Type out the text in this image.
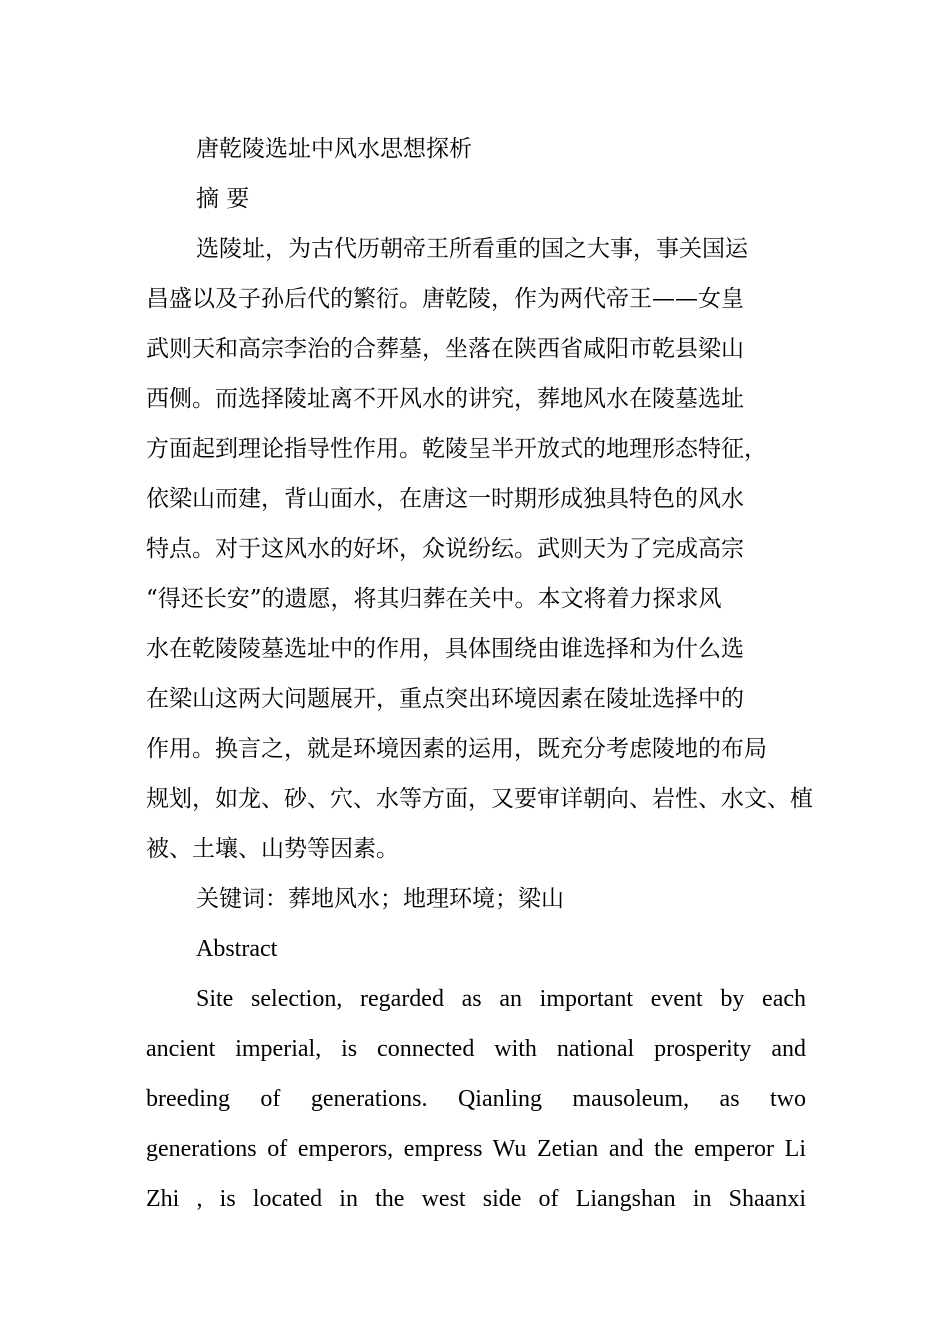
唐乾陵选址中风水思想探析
摘 要
选陵址，为古代历朝帝王所看重的国之大事，事关国运
昌盛以及子孙后代的繁衍。唐乾陵，作为两代帝王——女皇
武则天和高宗李治的合葬墓，坐落在陕西省咸阳市乾县梁山
西侧。而选择陵址离不开风水的讲究，葬地风水在陵墓选址
方面起到理论指导性作用。乾陵呈半开放式的地理形态特征，
依梁山而建，背山面水，在唐这一时期形成独具特色的风水
特点。对于这风水的好坏，众说纷纭。武则天为了完成高宗
“得还长安”的遗愿，将其归葬在关中。本文将着力探求风
水在乾陵陵墓选址中的作用，具体围绕由谁选择和为什么选
在梁山这两大问题展开，重点突出环境因素在陵址选择中的
作用。换言之，就是环境因素的运用，既充分考虑陵地的布局
规划，如龙、砂、穴、水等方面，又要审详朝向、岩性、水文、植
被、土壤、山势等因素。
关键词：葬地风水；地理环境；梁山
Abstract
Site selection, regarded as an important event by each
ancient imperial, is connected with national prosperity and
breeding of generations. Qianling mausoleum, as two
generations of emperors, empress Wu Zetian and the emperor Li
Zhi , is located in the west side of Liangshan in Shaanxi
